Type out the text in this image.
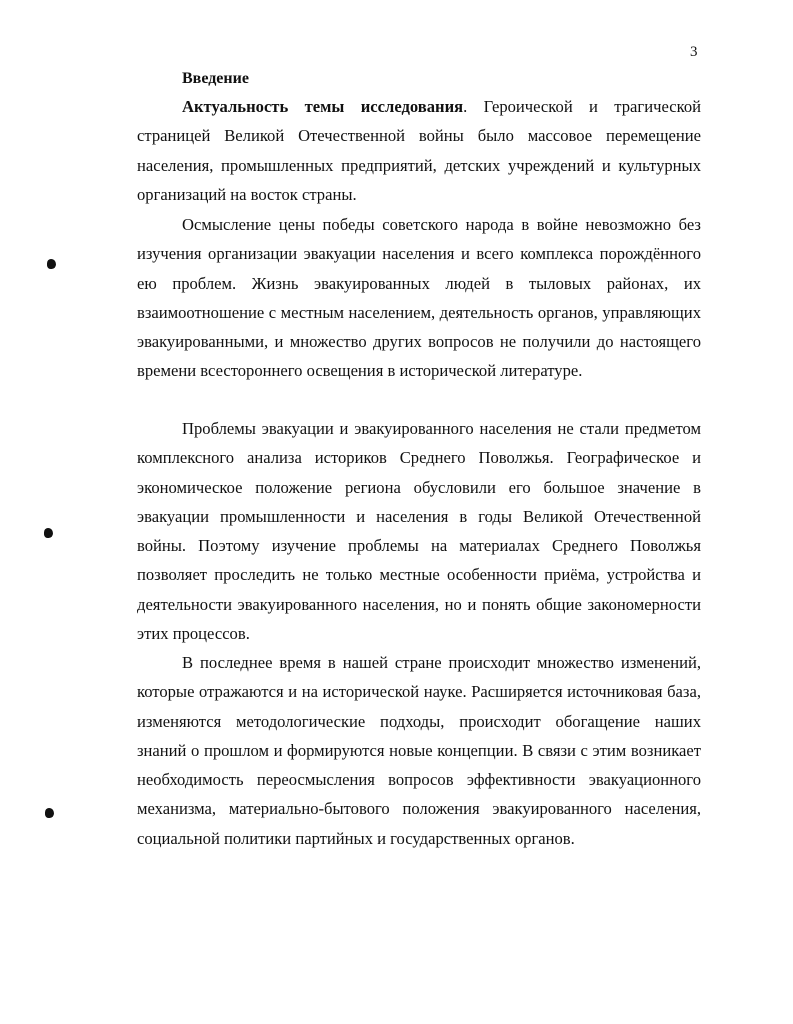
3
Введение

Актуальность темы исследования. Героической и трагической страницей Великой Отечественной войны было массовое перемещение населения, промышленных предприятий, детских учреждений и культурных организаций на восток страны.

Осмысление цены победы советского народа в войне невозможно без изучения организации эвакуации населения и всего комплекса порождённого ею проблем. Жизнь эвакуированных людей в тыловых районах, их взаимоотношение с местным населением, деятельность органов, управляющих эвакуированными, и множество других вопросов не получили до настоящего времени всестороннего освещения в исторической литературе.

Проблемы эвакуации и эвакуированного населения не стали предметом комплексного анализа историков Среднего Поволжья. Географическое и экономическое положение региона обусловили его большое значение в эвакуации промышленности и населения в годы Великой Отечественной войны. Поэтому изучение проблемы на материалах Среднего Поволжья позволяет проследить не только местные особенности приёма, устройства и деятельности эвакуированного населения, но и понять общие закономерности этих процессов.

В последнее время в нашей стране происходит множество изменений, которые отражаются и на исторической науке. Расширяется источниковая база, изменяются методологические подходы, происходит обогащение наших знаний о прошлом и формируются новые концепции. В связи с этим возникает необходимость переосмысления вопросов эффективности эвакуационного механизма, материально-бытового положения эвакуированного населения, социальной политики партийных и государственных органов.
